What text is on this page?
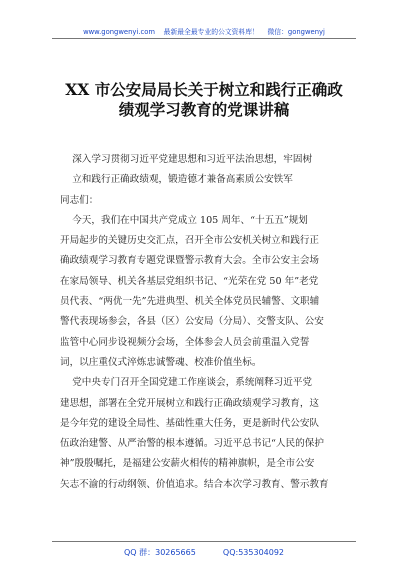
www.gongwenyi.com 最新最全最专业的公文资料库！ 微信：gongwenyj
XX 市公安局局长关于树立和践行正确政
绩观学习教育的党课讲稿
深入学习贯彻习近平党建思想和习近平法治思想，牢固树
立和践行正确政绩观，锻造德才兼备高素质公安铁军
同志们：
今天，我们在中国共产党成立 105 周年、“十五五”规划
开局起步的关键历史交汇点，召开全市公安机关树立和践行正
确政绩观学习教育专题党课暨警示教育大会。全市公安主会场
在家局领导、机关各基层党组织书记、“光荣在党 50 年”老党
员代表、“两优一先”先进典型、机关全体党员民辅警、文职辅
警代表现场参会，各县（区）公安局（分局）、交警支队、公安
监管中心同步设视频分会场，全体参会人员会前重温入党誓
词，以庄重仪式淬炼忠诚警魂、校准价值坐标。
党中央专门召开全国党建工作座谈会，系统阐释习近平党
建思想，部署在全党开展树立和践行正确政绩观学习教育，这
是今年党的建设全局性、基础性重大任务，更是新时代公安队
伍政治建警、从严治警的根本遵循。习近平总书记“人民的保护
神”殷殷嘱托，是福建公安薪火相传的精神旗帜，是全市公安
矢志不渝的行动纲领、价值追求。结合本次学习教育、警示教育
QQ 群：30265665	QQ:535304092
